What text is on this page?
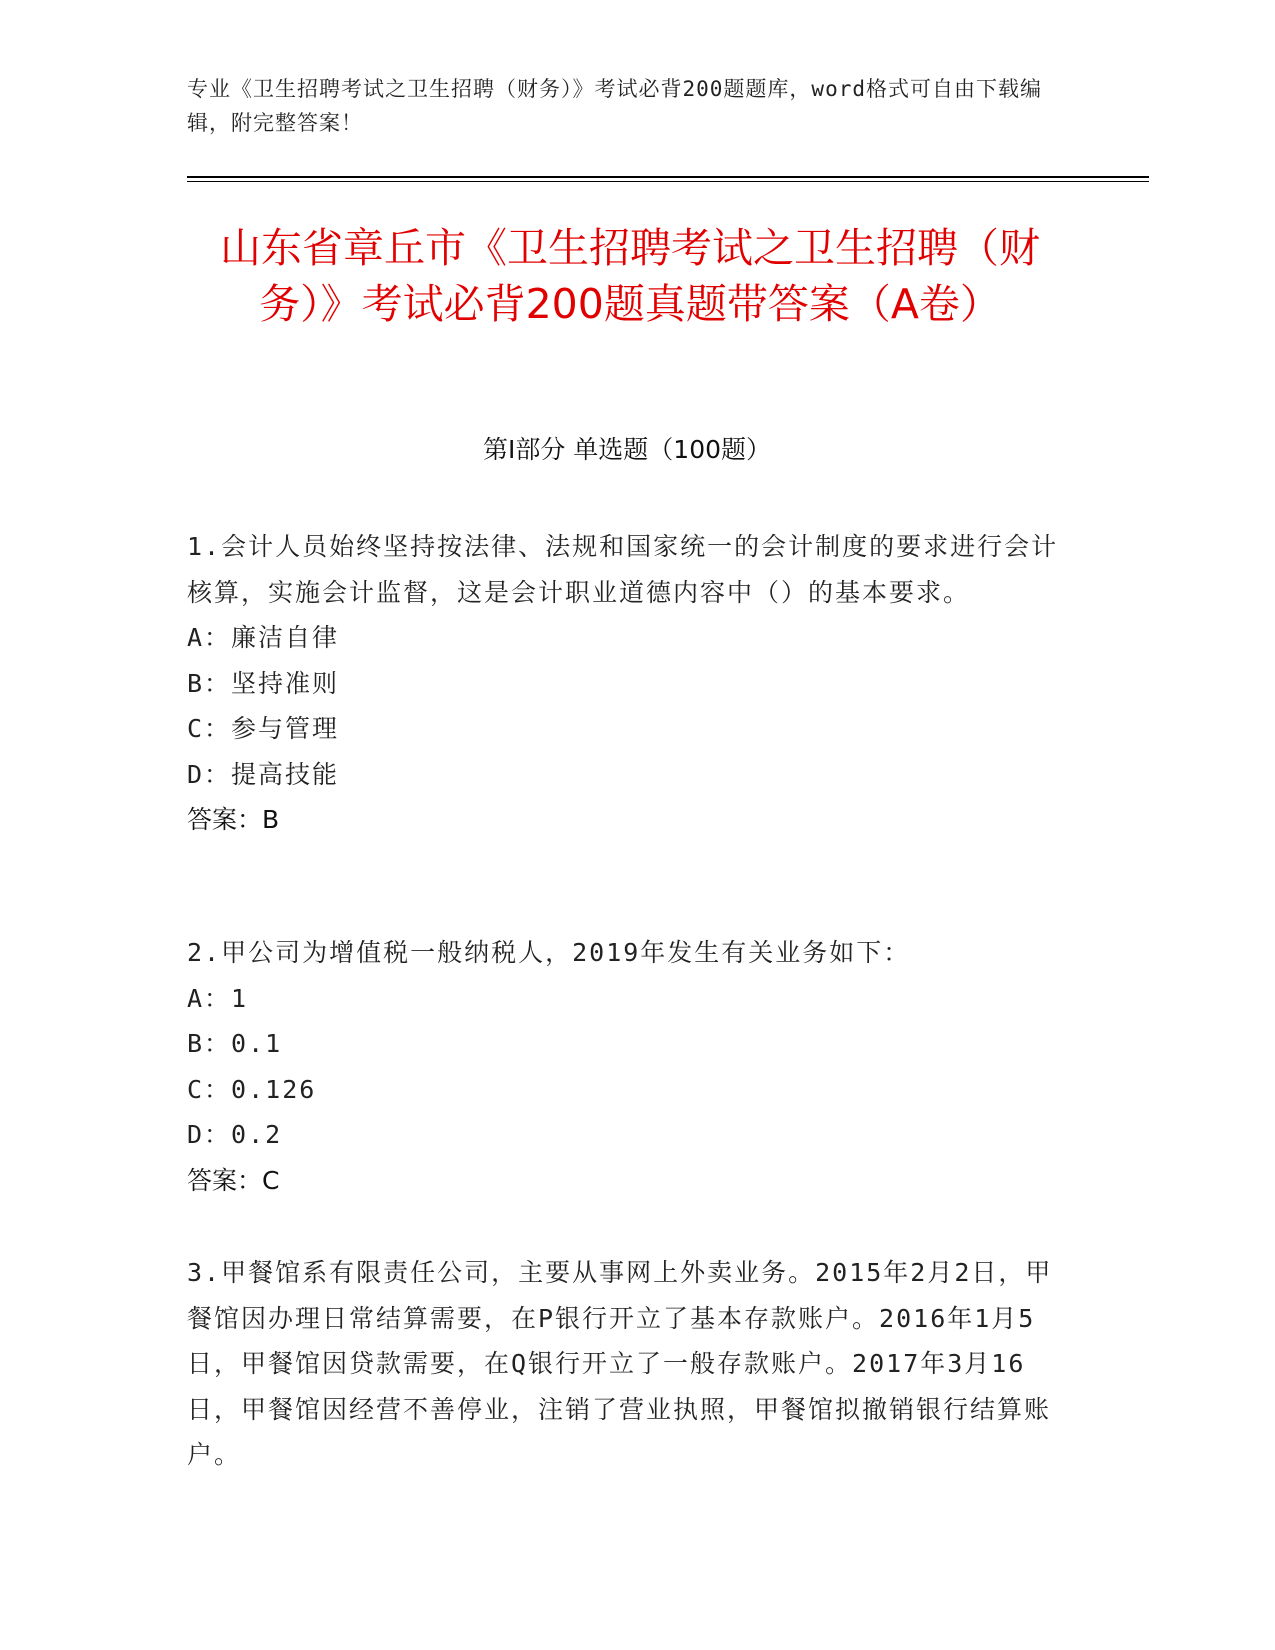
专业《卫生招聘考试之卫生招聘（财务）》考试必背200题题库，word格式可自由下载编辑，附完整答案！
山东省章丘市《卫生招聘考试之卫生招聘（财务）》考试必背200题真题带答案（A卷）
第Ⅰ部分 单选题（100题）

1.会计人员始终坚持按法律、法规和国家统一的会计制度的要求进行会计核算，实施会计监督，这是会计职业道德内容中（）的基本要求。

A：廉洁自律

B：坚持准则

C：参与管理

D：提高技能

答案：B

2.甲公司为增值税一般纳税人，2019年发生有关业务如下：

A：1

B：0.1

C：0.126

D：0.2

答案：C

3.甲餐馆系有限责任公司，主要从事网上外卖业务。2015年2月2日，甲餐馆因办理日常结算需要，在P银行开立了基本存款账户。2016年1月5日，甲餐馆因贷款需要，在Q银行开立了一般存款账户。2017年3月16日，甲餐馆因经营不善停业，注销了营业执照，甲餐馆拟撤销银行结算账户。
